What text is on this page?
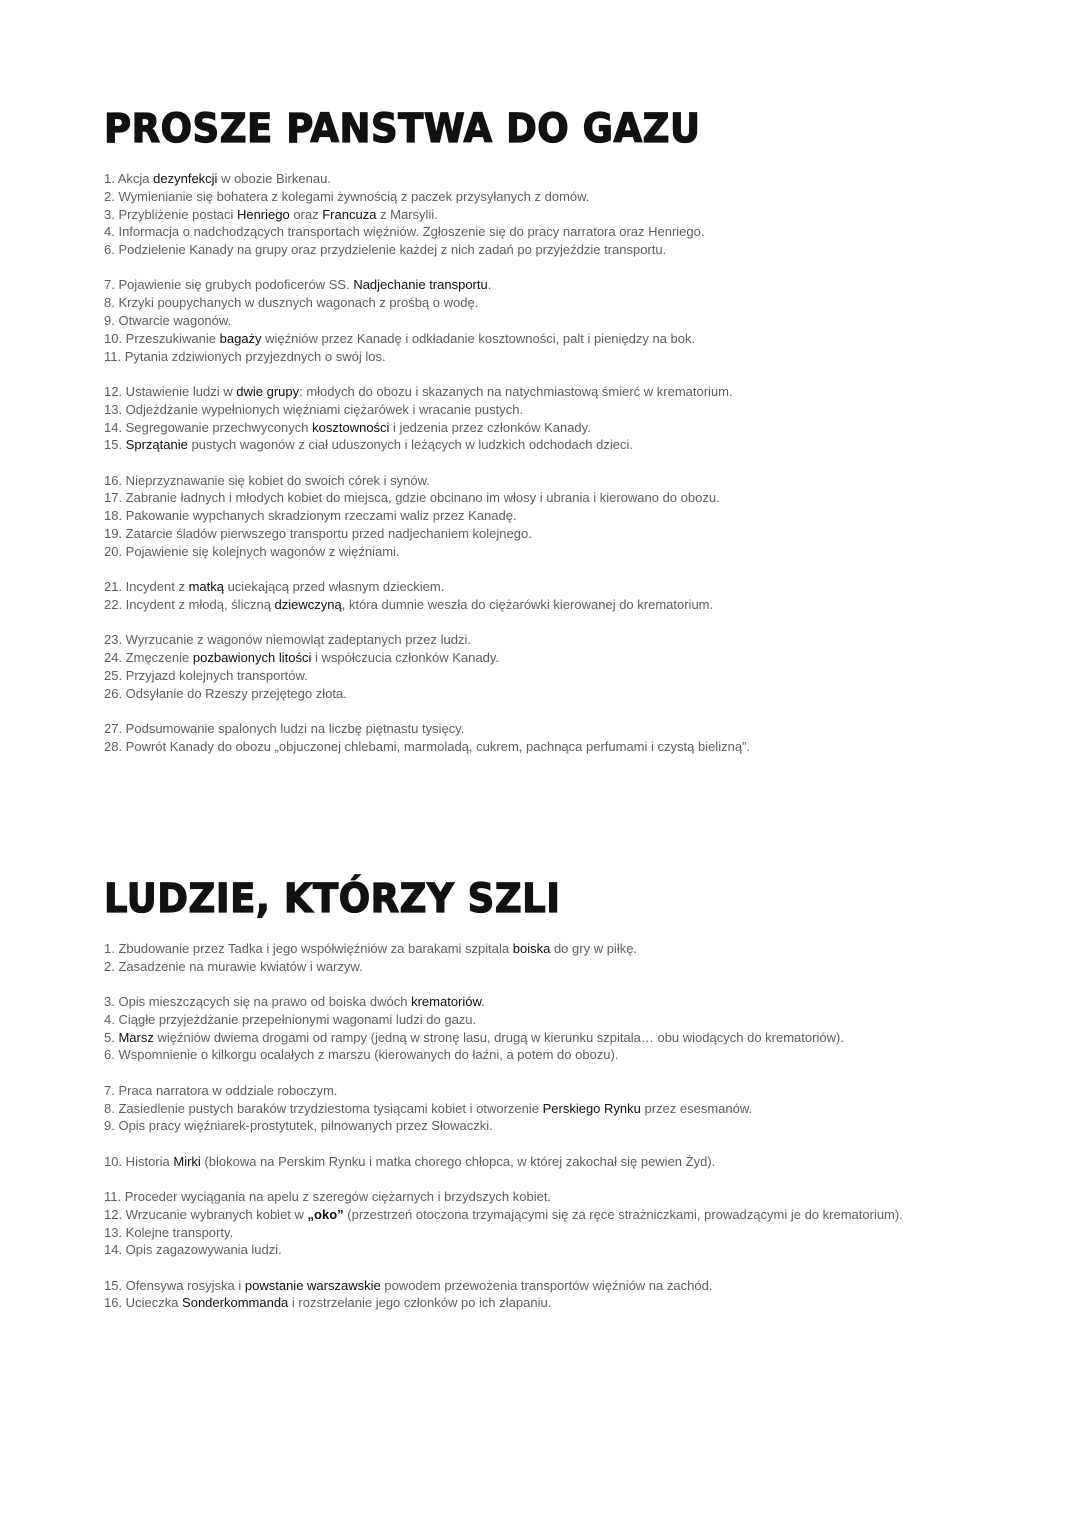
PROSZE PANSTWA DO GAZU

1. Akcja dezynfekcji w obozie Birkenau.

2. Wymienianie się bohatera z kolegami żywnością z paczek przysyłanych z domów.

3. Przybliżenie postaci Henriego oraz Francuza z Marsylii.

4. Informacja o nadchodzących transportach więźniów. Zgłoszenie się do pracy narratora oraz Henriego.

6. Podzielenie Kanady na grupy oraz przydzielenie każdej z nich zadań po przyjeździe transportu.

7. Pojawienie się grubych podoficerów SS. Nadjechanie transportu.

8. Krzyki poupychanych w dusznych wagonach z prośbą o wodę.

9. Otwarcie wagonów.

10. Przeszukiwanie bagaży więźniów przez Kanadę i odkładanie kosztowności, palt i pieniędzy na bok.

11. Pytania zdziwionych przyjezdnych o swój los.

12. Ustawienie ludzi w dwie grupy: młodych do obozu i skazanych na natychmiastową śmierć w krematorium.

13. Odjeżdżanie wypełnionych więźniami ciężarówek i wracanie pustych.

14. Segregowanie przechwyconych kosztowności i jedzenia przez członków Kanady.

15. Sprzątanie pustych wagonów z ciał uduszonych i leżących w ludzkich odchodach dzieci.

16. Nieprzyznawanie się kobiet do swoich córek i synów.

17. Zabranie ładnych i młodych kobiet do miejsca, gdzie obcinano im włosy i ubrania i kierowano do obozu.

18. Pakowanie wypchanych skradzionym rzeczami waliz przez Kanadę.

19. Zatarcie śladów pierwszego transportu przed nadjechaniem kolejnego.

20. Pojawienie się kolejnych wagonów z więźniami.

21. Incydent z matką uciekającą przed własnym dzieckiem.

22. Incydent z młodą, śliczną dziewczyną, która dumnie weszła do ciężarówki kierowanej do krematorium.

23. Wyrzucanie z wagonów niemowląt zadeptanych przez ludzi.

24. Zmęczenie pozbawionych litości i współczucia członków Kanady.

25. Przyjazd kolejnych transportów.

26. Odsyłanie do Rzeszy przejętego złota.

27. Podsumowanie spalonych ludzi na liczbę piętnastu tysięcy.

28. Powrót Kanady do obozu „objuczonej chlebami, marmoladą, cukrem, pachnąca perfumami i czystą bielizną”.

LUDZIE, KTÓRZY SZLI

1. Zbudowanie przez Tadka i jego współwięźniów za barakami szpitala boiska do gry w piłkę.

2. Zasadzenie na murawie kwiatów i warzyw.

3. Opis mieszczących się na prawo od boiska dwóch krematoriów.

4. Ciągłe przyjeżdżanie przepełnionymi wagonami ludzi do gazu.

5. Marsz więźniów dwiema drogami od rampy (jedną w stronę lasu, drugą w kierunku szpitala… obu wiodących do krematoriów).

6. Wspomnienie o kilkorgu ocalałych z marszu (kierowanych do łaźni, a potem do obozu).

7. Praca narratora w oddziale roboczym.

8. Zasiedlenie pustych baraków trzydziestoma tysiącami kobiet i otworzenie Perskiego Rynku przez esesmanów.

9. Opis pracy więźniarek-prostytutek, pilnowanych przez Słowaczki.

10. Historia Mirki (blokowa na Perskim Rynku i matka chorego chłopca, w której zakochał się pewien Żyd).

11. Proceder wyciągania na apelu z szeregów ciężarnych i brzydszych kobiet.

12. Wrzucanie wybranych kobiet w „oko” (przestrzeń otoczona trzymającymi się za ręce strażniczkami, prowadzącymi je do krematorium).

13. Kolejne transporty.

14. Opis zagazowywania ludzi.

15. Ofensywa rosyjska i powstanie warszawskie powodem przewożenia transportów więźniów na zachód.

16. Ucieczka Sonderkommanda i rozstrzelanie jego członków po ich złapaniu.
